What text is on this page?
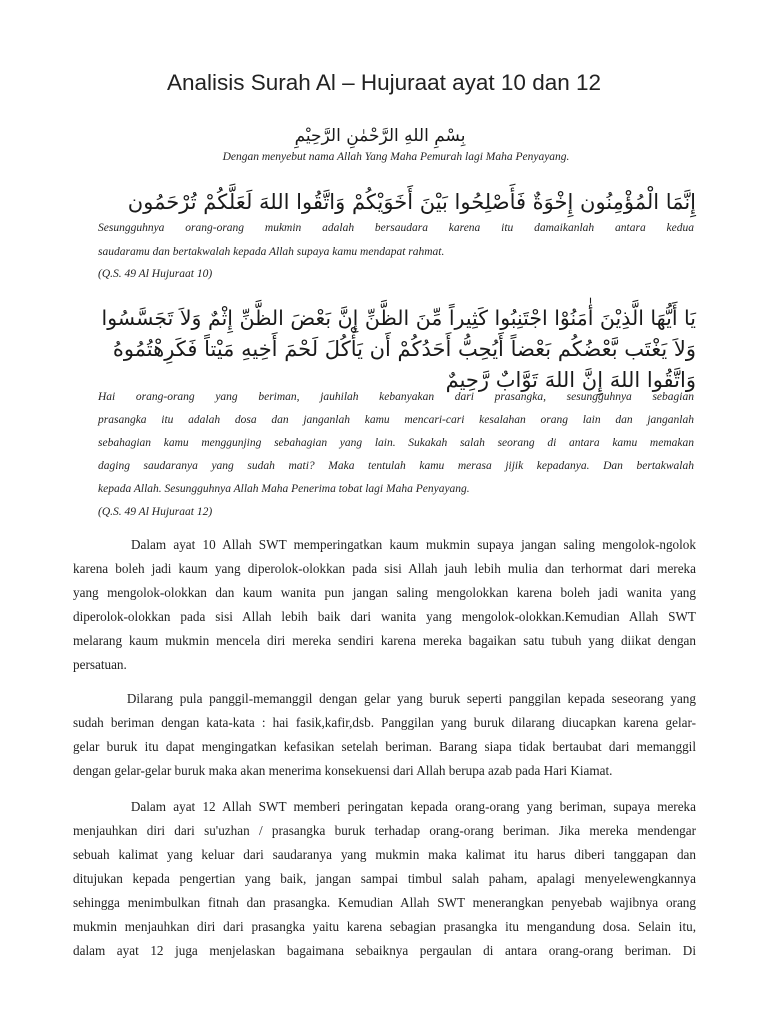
Analisis Surah Al – Hujuraat ayat 10 dan 12
بِسْمِ اللهِ الرَّحْمٰنِ الرَّحِيْمِ
Dengan menyebut nama Allah Yang Maha Pemurah lagi Maha Penyayang.
إِنَّمَا الْمُؤْمِنُون إِخْوَةٌ فَأَصْلِحُوا بَيْنَ أَخَوَيْكُمْ وَاتَّقُوا اللهَ لَعَلَّكُمْ تُرْحَمُون
Sesungguhnya orang-orang mukmin adalah bersaudara karena itu damaikanlah antara kedua
saudaramu dan bertakwalah kepada Allah supaya kamu mendapat rahmat.
(Q.S. 49 Al Hujuraat 10)
يَا أَيُّهَا الَّذِيْنَ أٰمَنُوْا اجْتَنِبُوا كَثِيراً مِّنَ الظَّنِّ إِنَّ بَعْضَ الظَّنِّ إِثْمٌ وَلاَ تَجَسَّسُوا
وَلاَ يَغْتَب بَّعْضُكُم بَعْضاً أَيُحِبُّ أَحَدُكُمْ أَن يَأْكُلَ لَحْمَ أَخِيهِ مَيْتاً فَكَرِهْتُمُوهُ
وَاتَّقُوا اللهَ إِنَّ اللهَ تَوَّابٌ رَّحِيمٌ
Hai orang-orang yang beriman, jauhilah kebanyakan dari prasangka, sesungguhnya sebagian
prasangka itu adalah dosa dan janganlah kamu mencari-cari kesalahan orang lain dan janganlah
sebahagian kamu menggunjing sebahagian yang lain. Sukakah salah seorang di antara kamu memakan
daging saudaranya yang sudah mati? Maka tentulah kamu merasa jijik kepadanya. Dan bertakwalah
kepada Allah. Sesungguhnya Allah Maha Penerima tobat lagi Maha Penyayang.
(Q.S. 49 Al Hujuraat 12)
Dalam ayat 10 Allah SWT memperingatkan kaum mukmin supaya jangan saling mengolok-ngolok
karena boleh jadi kaum yang diperolok-olokkan pada sisi Allah jauh lebih mulia dan terhormat dari mereka
yang mengolok-olokkan dan kaum wanita pun jangan saling mengolokkan karena boleh jadi wanita yang
diperolok-olokkan pada sisi Allah lebih baik dari wanita yang mengolok-olokkan.Kemudian Allah SWT
melarang kaum mukmin mencela diri mereka sendiri karena mereka bagaikan satu tubuh yang diikat dengan
persatuan.
Dilarang pula panggil-memanggil dengan gelar yang buruk seperti panggilan kepada seseorang yang
sudah beriman dengan kata-kata : hai fasik,kafir,dsb. Panggilan yang buruk dilarang diucapkan karena gelar-
gelar buruk itu dapat mengingatkan kefasikan setelah beriman. Barang siapa tidak bertaubat dari memanggil
dengan gelar-gelar buruk maka akan menerima konsekuensi dari Allah berupa azab pada Hari Kiamat.
Dalam ayat 12 Allah SWT memberi peringatan kepada orang-orang yang beriman, supaya mereka
menjauhkan diri dari su'uzhan / prasangka buruk terhadap orang-orang beriman. Jika mereka mendengar
sebuah kalimat yang keluar dari saudaranya yang mukmin maka kalimat itu harus diberi tanggapan dan
ditujukan kepada pengertian yang baik, jangan sampai timbul salah paham, apalagi menyelewengkannya
sehingga menimbulkan fitnah dan prasangka. Kemudian Allah SWT menerangkan penyebab wajibnya orang
mukmin menjauhkan diri dari prasangka yaitu karena sebagian prasangka itu mengandung dosa. Selain itu,
dalam ayat 12 juga menjelaskan bagaimana sebaiknya pergaulan di antara orang-orang beriman. Di
